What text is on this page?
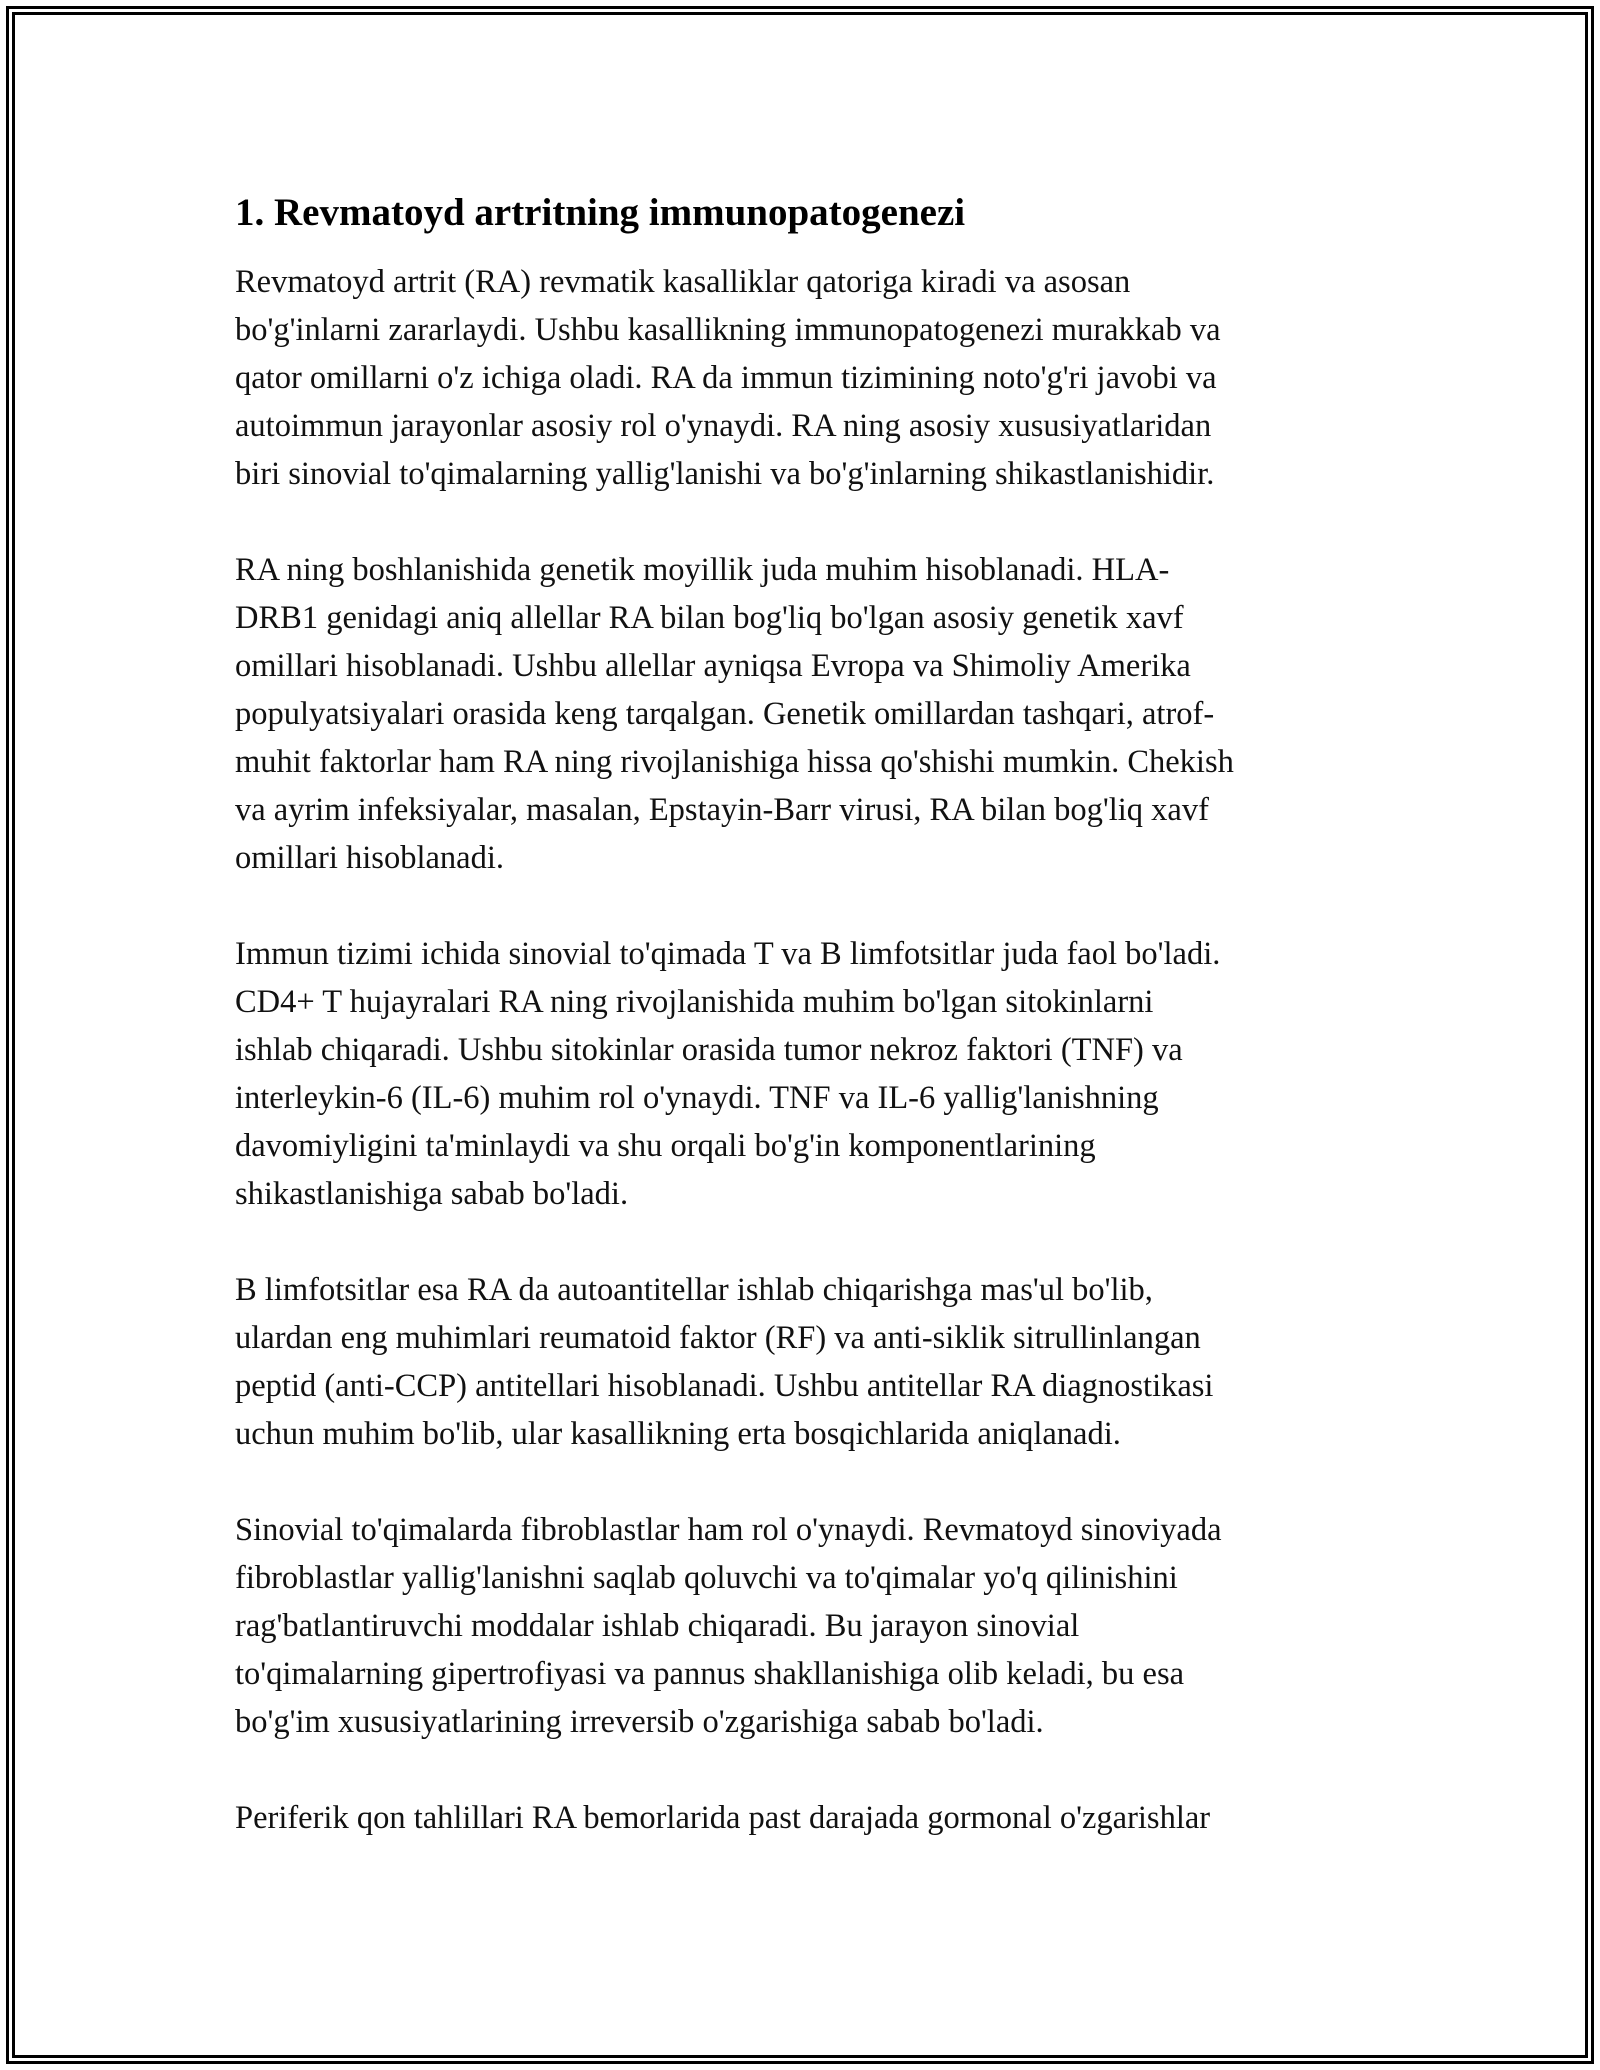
1. Revmatoyd artritning immunopatogenezi
Revmatoyd artrit (RA) revmatik kasalliklar qatoriga kiradi va asosan
bo'g'inlarni zararlaydi. Ushbu kasallikning immunopatogenezi murakkab va
qator omillarni o'z ichiga oladi. RA da immun tizimining noto'g'ri javobi va
autoimmun jarayonlar asosiy rol o'ynaydi. RA ning asosiy xususiyatlaridan
biri sinovial to'qimalarning yallig'lanishi va bo'g'inlarning shikastlanishidir.
RA ning boshlanishida genetik moyillik juda muhim hisoblanadi. HLA-
DRB1 genidagi aniq allellar RA bilan bog'liq bo'lgan asosiy genetik xavf
omillari hisoblanadi. Ushbu allellar ayniqsa Evropa va Shimoliy Amerika
populyatsiyalari orasida keng tarqalgan. Genetik omillardan tashqari, atrof-
muhit faktorlar ham RA ning rivojlanishiga hissa qo'shishi mumkin. Chekish
va ayrim infeksiyalar, masalan, Epstayin-Barr virusi, RA bilan bog'liq xavf
omillari hisoblanadi.
Immun tizimi ichida sinovial to'qimada T va B limfotsitlar juda faol bo'ladi.
CD4+ T hujayralari RA ning rivojlanishida muhim bo'lgan sitokinlarni
ishlab chiqaradi. Ushbu sitokinlar orasida tumor nekroz faktori (TNF) va
interleykin-6 (IL-6) muhim rol o'ynaydi. TNF va IL-6 yallig'lanishning
davomiyligini ta'minlaydi va shu orqali bo'g'in komponentlarining
shikastlanishiga sabab bo'ladi.
B limfotsitlar esa RA da autoantitellar ishlab chiqarishga mas'ul bo'lib,
ulardan eng muhimlari reumatoid faktor (RF) va anti-siklik sitrullinlangan
peptid (anti-CCP) antitellari hisoblanadi. Ushbu antitellar RA diagnostikasi
uchun muhim bo'lib, ular kasallikning erta bosqichlarida aniqlanadi.
Sinovial to'qimalarda fibroblastlar ham rol o'ynaydi. Revmatoyd sinoviyada
fibroblastlar yallig'lanishni saqlab qoluvchi va to'qimalar yo'q qilinishini
rag'batlantiruvchi moddalar ishlab chiqaradi. Bu jarayon sinovial
to'qimalarning gipertrofiyasi va pannus shakllanishiga olib keladi, bu esa
bo'g'im xususiyatlarining irreversib o'zgarishiga sabab bo'ladi.
Periferik qon tahlillari RA bemorlarida past darajada gormonal o'zgarishlar
